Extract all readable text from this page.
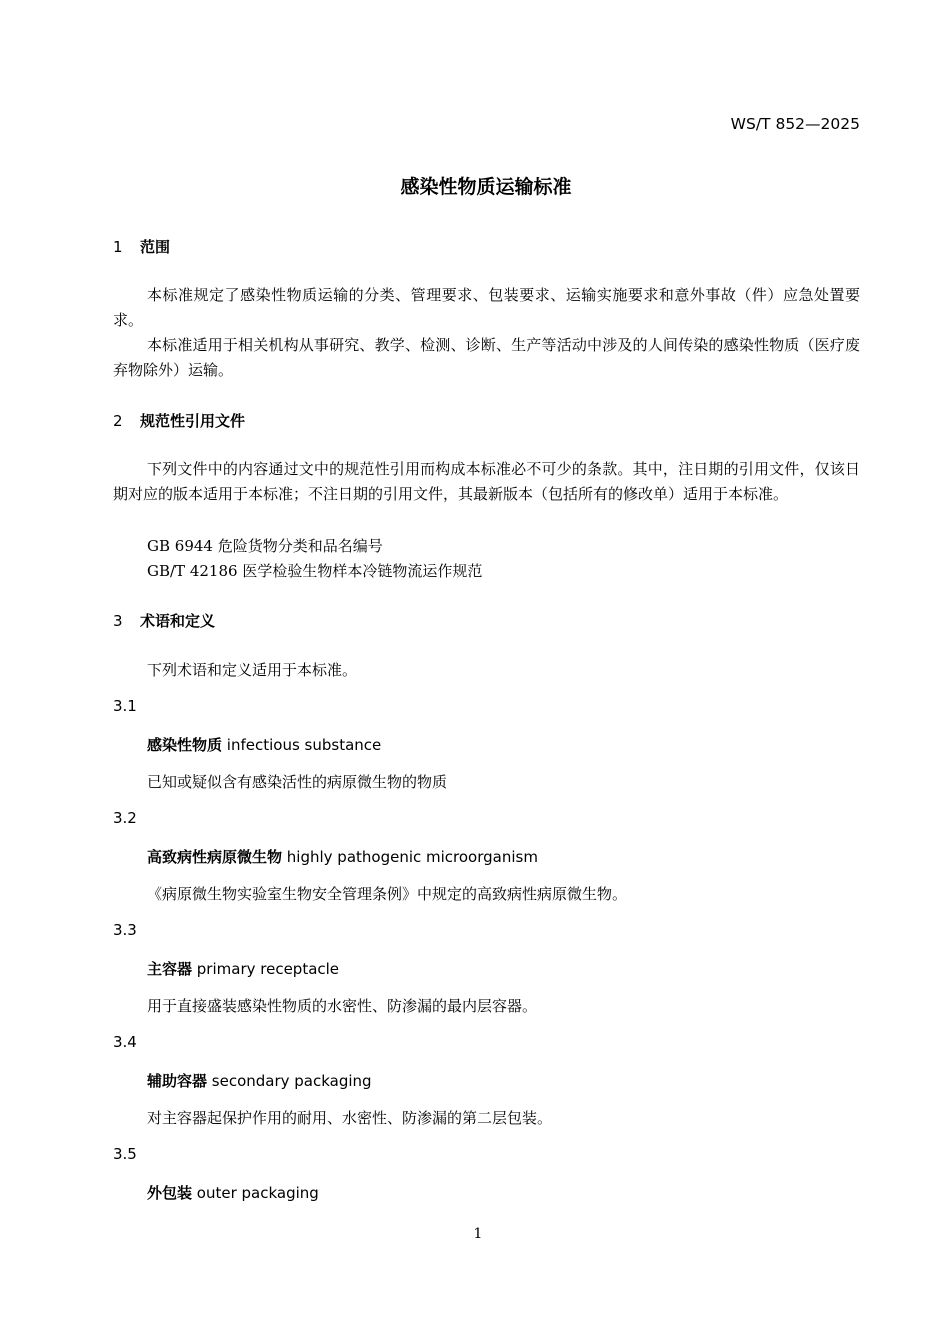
WS/T 852—2025
感染性物质运输标准
1 范围
本标准规定了感染性物质运输的分类、管理要求、包装要求、运输实施要求和意外事故（件）应急处置要求。
本标准适用于相关机构从事研究、教学、检测、诊断、生产等活动中涉及的人间传染的感染性物质（医疗废弃物除外）运输。
2 规范性引用文件
下列文件中的内容通过文中的规范性引用而构成本标准必不可少的条款。其中，注日期的引用文件，仅该日期对应的版本适用于本标准；不注日期的引用文件，其最新版本（包括所有的修改单）适用于本标准。
GB 6944 危险货物分类和品名编号
GB/T 42186 医学检验生物样本冷链物流运作规范
3 术语和定义
下列术语和定义适用于本标准。
3.1
感染性物质 infectious substance
已知或疑似含有感染活性的病原微生物的物质
3.2
高致病性病原微生物 highly pathogenic microorganism
《病原微生物实验室生物安全管理条例》中规定的高致病性病原微生物。
3.3
主容器 primary receptacle
用于直接盛装感染性物质的水密性、防渗漏的最内层容器。
3.4
辅助容器 secondary packaging
对主容器起保护作用的耐用、水密性、防渗漏的第二层包装。
3.5
外包装 outer packaging
1
